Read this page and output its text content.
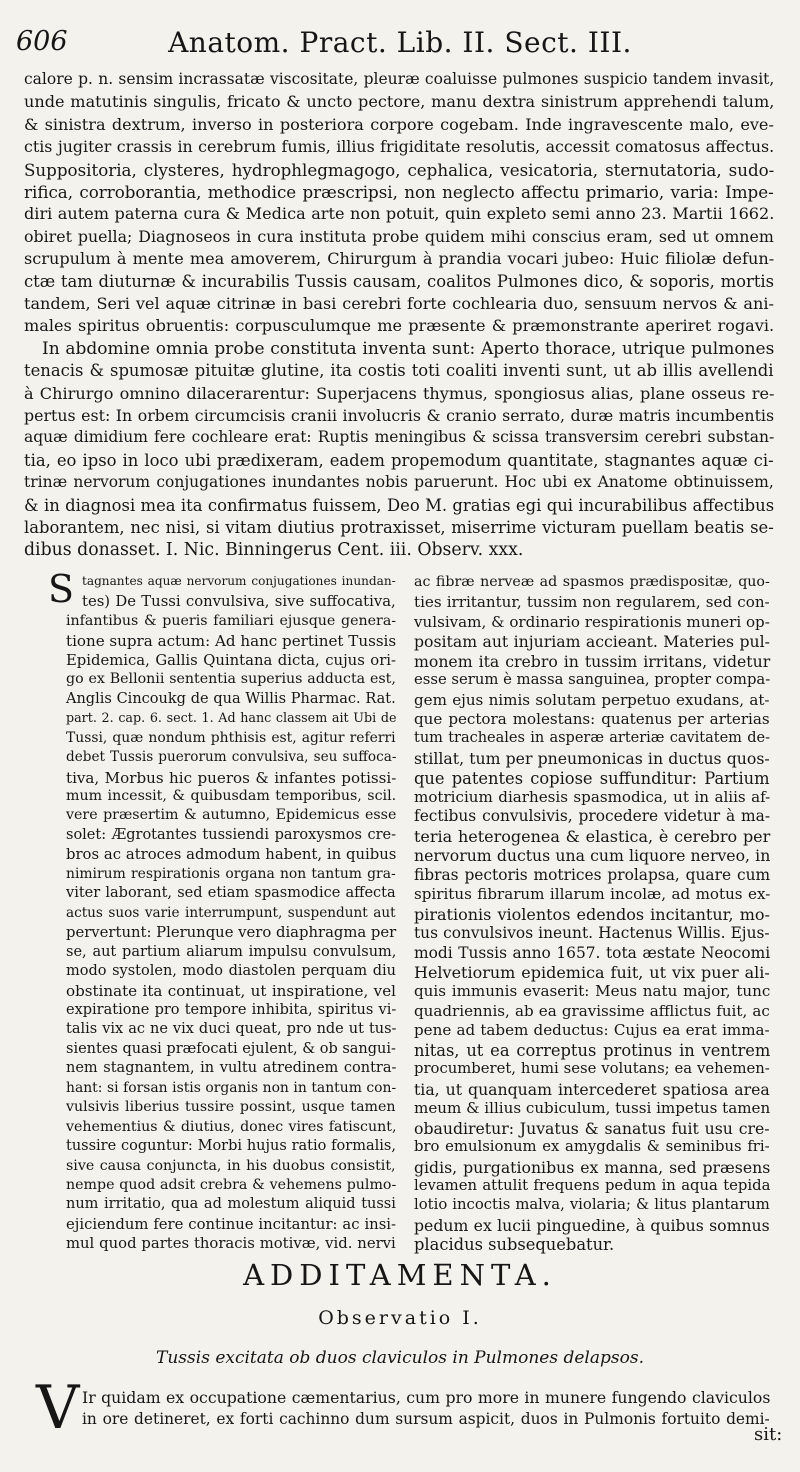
606	Anatom. Pract. Lib. II. Sect. III.
calore p. n. sensim incrassatæ viscositate, pleuræ coaluisse pulmones suspicio tandem invasit,
unde matutinis singulis, fricato & uncto pectore, manu dextra sinistrum apprehendi talum,
& sinistra dextrum, inverso in posteriora corpore cogebam. Inde ingravescente malo, eve-
ctis jugiter crassis in cerebrum fumis, illius frigiditate resolutis, accessit comatosus affectus.
Suppositoria, clysteres, hydrophlegmagogo, cephalica, vesicatoria, sternutatoria, sudo-
rifica, corroborantia, methodice præscripsi, non neglecto affectu primario, varia: Impe-
diri autem paterna cura & Medica arte non potuit, quin expleto semi anno 23. Martii 1662.
obiret puella; Diagnoseos in cura instituta probe quidem mihi conscius eram, sed ut omnem
scrupulum à mente mea amoverem, Chirurgum à prandia vocari jubeo: Huic filiolæ defun-
ctæ tam diuturnæ & incurabilis Tussis causam, coalitos Pulmones dico, & soporis, mortis
tandem, Seri vel aquæ citrinæ in basi cerebri forte cochlearia duo, sensuum nervos & ani-
males spiritus obruentis: corpusculumque me præsente & præmonstrante aperiret rogavi.
In abdomine omnia probe constituta inventa sunt: Aperto thorace, utrique pulmones
tenacis & spumosæ pituitæ glutine, ita costis toti coaliti inventi sunt, ut ab illis avellendi
à Chirurgo omnino dilacerarentur: Superjacens thymus, spongiosus alias, plane osseus re-
pertus est: In orbem circumcisis cranii involucris & cranio serrato, duræ matris incumbentis
aquæ dimidium fere cochleare erat: Ruptis meningibus & scissa transversim cerebri substan-
tia, eo ipso in loco ubi prædixeram, eadem propemodum quantitate, stagnantes aquæ ci-
trinæ nervorum conjugationes inundantes nobis paruerunt. Hoc ubi ex Anatome obtinuissem,
& in diagnosi mea ita confirmatus fuissem, Deo M. gratias egi qui incurabilibus affectibus
laborantem, nec nisi, si vitam diutius protraxisset, miserrime victuram puellam beatis se-
dibus donasset. I. Nic. Binningerus Cent. iii. Observ. xxx.
S tagnantes aquæ nervorum conjugationes inundan-
tes) De Tussi convulsiva, sive suffocativa,
infantibus & pueris familiari ejusque genera-
tione supra actum: Ad hanc pertinet Tussis
Epidemica, Gallis Quintana dicta, cujus ori-
go ex Bellonii sententia superius adducta est,
Anglis Cincoukg de qua Willis Pharmac. Rat.
part. 2. cap. 6. sect. 1. Ad hanc classem ait Ubi de
Tussi, quæ nondum phthisis est, agitur referri
debet Tussis puerorum convulsiva, seu suffoca-
tiva, Morbus hic pueros & infantes potissi-
mum incessit, & quibusdam temporibus, scil.
vere præsertim & autumno, Epidemicus esse
solet: Ægrotantes tussiendi paroxysmos cre-
bros ac atroces admodum habent, in quibus
nimirum respirationis organa non tantum gra-
viter laborant, sed etiam spasmodice affecta
actus suos varie interrumpunt, suspendunt aut
pervertunt: Plerunque vero diaphragma per
se, aut partium aliarum impulsu convulsum,
modo systolen, modo diastolen perquam diu
obstinate ita continuat, ut inspiratione, vel
expiratione pro tempore inhibita, spiritus vi-
talis vix ac ne vix duci queat, pro nde ut tus-
sientes quasi præfocati ejulent, & ob sangui-
nem stagnantem, in vultu atredinem contra-
hant: si forsan istis organis non in tantum con-
vulsivis liberius tussire possint, usque tamen
vehementius & diutius, donec vires fatiscunt,
tussire coguntur: Morbi hujus ratio formalis,
sive causa conjuncta, in his duobus consistit,
nempe quod adsit crebra & vehemens pulmo-
num irritatio, qua ad molestum aliquid tussi
ejiciendum fere continue incitantur: ac insi-
mul quod partes thoracis motivæ, vid. nervi
ac fibræ nerveæ ad spasmos prædispositæ, quo-
ties irritantur, tussim non regularem, sed con-
vulsivam, & ordinario respirationis muneri op-
positam aut injuriam accieant. Materies pul-
monem ita crebro in tussim irritans, videtur
esse serum è massa sanguinea, propter compa-
gem ejus nimis solutam perpetuo exudans, at-
que pectora molestans: quatenus per arterias
tum tracheales in asperæ arteriæ cavitatem de-
stillat, tum per pneumonicas in ductus quos-
que patentes copiose suffunditur: Partium
motricium diarhesis spasmodica, ut in aliis af-
fectibus convulsivis, procedere videtur à ma-
teria heterogenea & elastica, è cerebro per
nervorum ductus una cum liquore nerveo, in
fibras pectoris motrices prolapsa, quare cum
spiritus fibrarum illarum incolæ, ad motus ex-
pirationis violentos edendos incitantur, mo-
tus convulsivos ineunt. Hactenus Willis. Ejus-
modi Tussis anno 1657. tota æstate Neocomi
Helvetiorum epidemica fuit, ut vix puer ali-
quis immunis evaserit: Meus natu major, tunc
quadriennis, ab ea gravissime afflictus fuit, ac
pene ad tabem deductus: Cujus ea erat imma-
nitas, ut ea correptus protinus in ventrem
procumberet, humi sese volutans; ea vehemen-
tia, ut quanquam intercederet spatiosa area
meum & illius cubiculum, tussi impetus tamen
obaudiretur: Juvatus & sanatus fuit usu cre-
bro emulsionum ex amygdalis & seminibus fri-
gidis, purgationibus ex manna, sed præsens
levamen attulit frequens pedum in aqua tepida
lotio incoctis malva, violaria; & litus plantarum
pedum ex lucii pinguedine, à quibus somnus
placidus subsequebatur.
ADDITAMENTA.
Observatio I.
Tussis excitata ob duos claviculos in Pulmones delapsos.
V Ir quidam ex occupatione cæmentarius, cum pro more in munere fungendo claviculos
in ore detineret, ex forti cachinno dum sursum aspicit, duos in Pulmonis fortuito demi-
sit:
